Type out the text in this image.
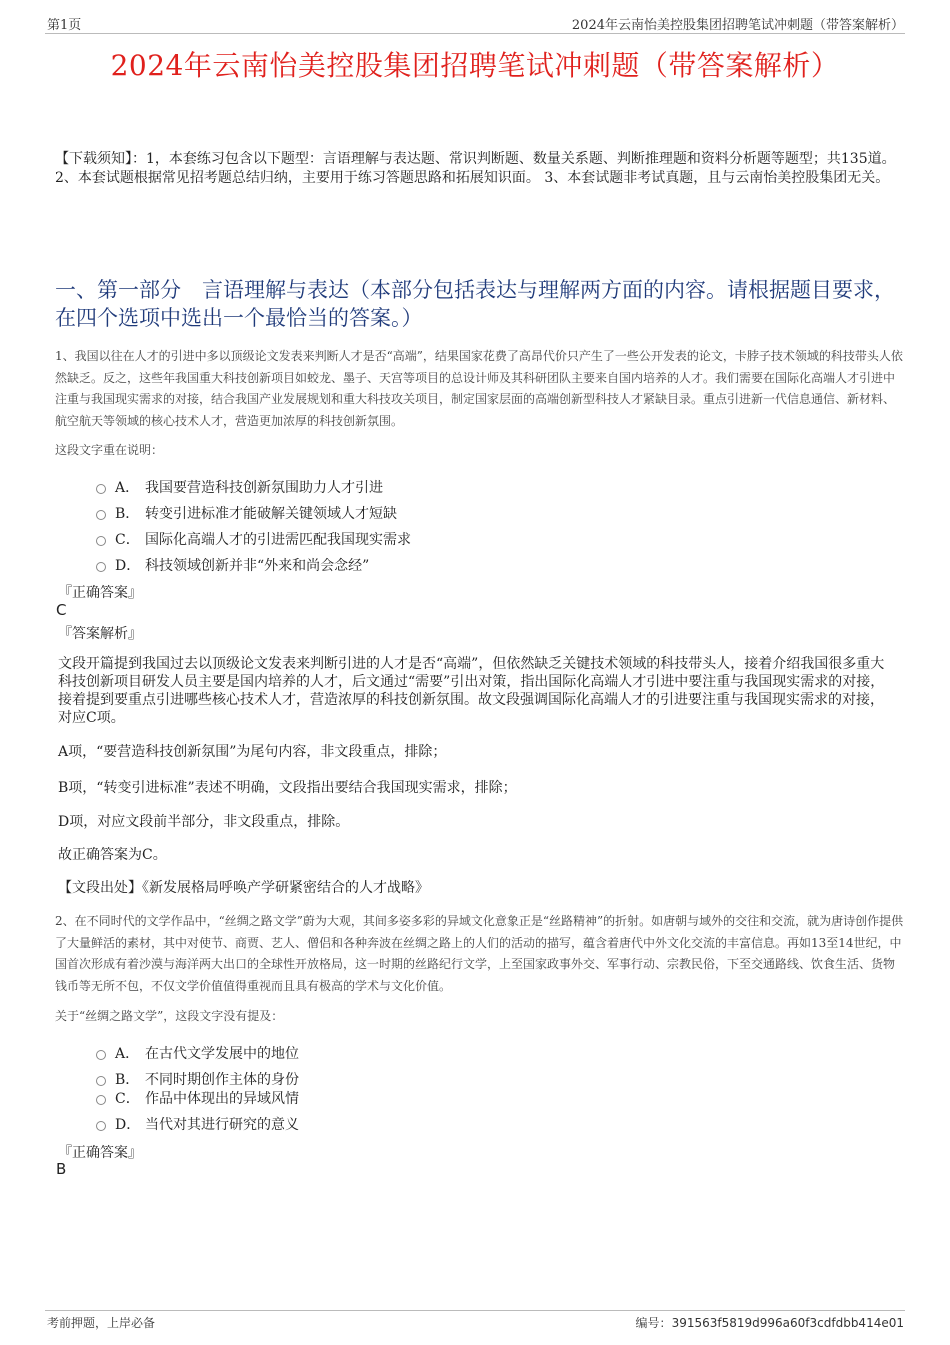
第1页	2024年云南怡美控股集团招聘笔试冲刺题（带答案解析）
2024年云南怡美控股集团招聘笔试冲刺题（带答案解析）
【下载须知】：1，本套练习包含以下题型：言语理解与表达题、常识判断题、数量关系题、判断推理题和资料分析题等题型；共135道。 2、本套试题根据常见招考题总结归纳，主要用于练习答题思路和拓展知识面。 3、本套试题非考试真题，且与云南怡美控股集团无关。
一、第一部分　言语理解与表达（本部分包括表达与理解两方面的内容。请根据题目要求，在四个选项中选出一个最恰当的答案。）
1、我国以往在人才的引进中多以顶级论文发表来判断人才是否“高端”，结果国家花费了高昂代价只产生了一些公开发表的论文，卡脖子技术领域的科技带头人依然缺乏。反之，这些年我国重大科技创新项目如蛟龙、墨子、天宫等项目的总设计师及其科研团队主要来自国内培养的人才。我们需要在国际化高端人才引进中注重与我国现实需求的对接，结合我国产业发展规划和重大科技攻关项目，制定国家层面的高端创新型科技人才紧缺目录。重点引进新一代信息通信、新材料、航空航天等领域的核心技术人才，营造更加浓厚的科技创新氛围。
这段文字重在说明：
A． 我国要营造科技创新氛围助力人才引进
B． 转变引进标准才能破解关键领域人才短缺
C． 国际化高端人才的引进需匹配我国现实需求
D． 科技领域创新并非“外来和尚会念经”
『正确答案』
C
『答案解析』
文段开篇提到我国过去以顶级论文发表来判断引进的人才是否“高端”，但依然缺乏关键技术领域的科技带头人，接着介绍我国很多重大科技创新项目研发人员主要是国内培养的人才，后文通过“需要”引出对策，指出国际化高端人才引进中要注重与我国现实需求的对接，接着提到要重点引进哪些核心技术人才，营造浓厚的科技创新氛围。故文段强调国际化高端人才的引进要注重与我国现实需求的对接，对应C项。
A项，“要营造科技创新氛围”为尾句内容，非文段重点，排除；
B项，“转变引进标准”表述不明确，文段指出要结合我国现实需求，排除；
D项，对应文段前半部分，非文段重点，排除。
故正确答案为C。
【文段出处】《新发展格局呼唤产学研紧密结合的人才战略》
2、在不同时代的文学作品中，“丝绸之路文学”蔚为大观，其间多姿多彩的异域文化意象正是“丝路精神”的折射。如唐朝与域外的交往和交流，就为唐诗创作提供了大量鲜活的素材，其中对使节、商贾、艺人、僧侣和各种奔波在丝绸之路上的人们的活动的描写，蕴含着唐代中外文化交流的丰富信息。再如13至14世纪，中国首次形成有着沙漠与海洋两大出口的全球性开放格局，这一时期的丝路纪行文学，上至国家政事外交、军事行动、宗教民俗，下至交通路线、饮食生活、货物钱币等无所不包，不仅文学价值值得重视而且具有极高的学术与文化价值。
关于“丝绸之路文学”，这段文字没有提及：
A． 在古代文学发展中的地位
B． 不同时期创作主体的身份
C． 作品中体现出的异域风情
D． 当代对其进行研究的意义
『正确答案』
B
考前押题，上岸必备	编号：391563f5819d996a60f3cdfdbb414e01
